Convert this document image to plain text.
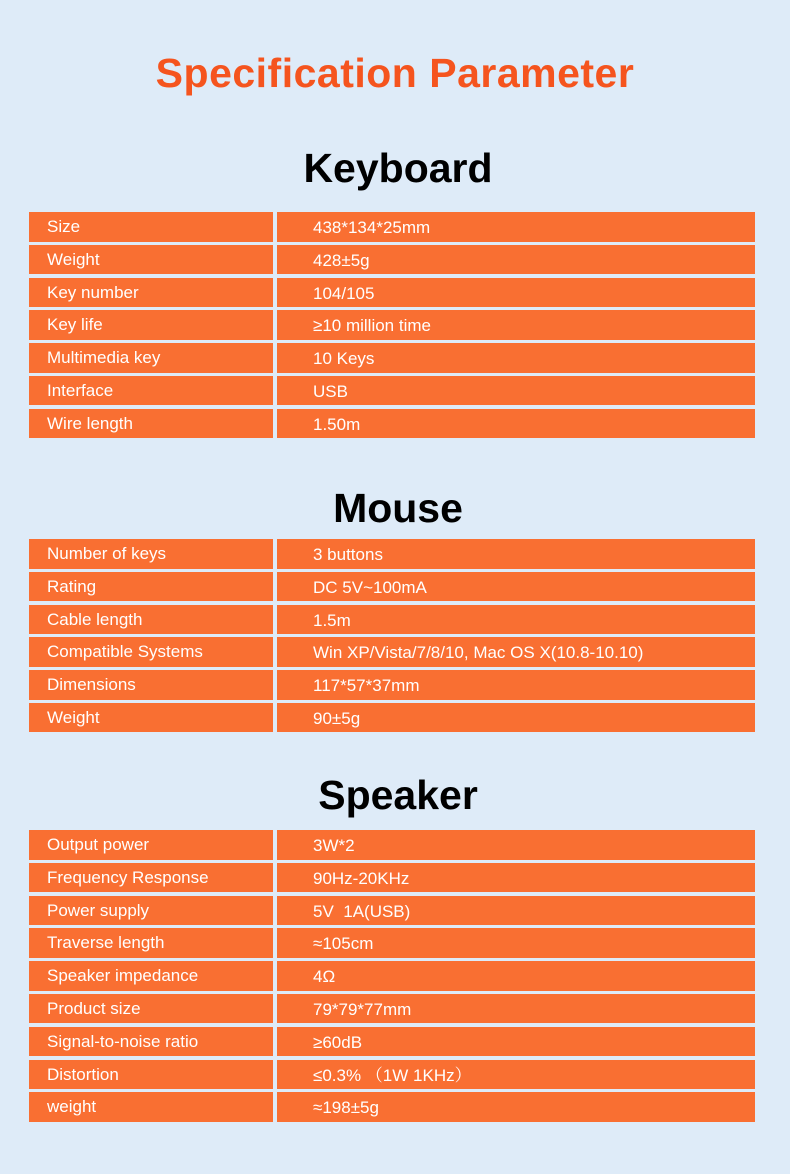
Specification Parameter
Keyboard
Size	438*134*25mm
Weight	428±5g
Key number	104/105
Key life	≥10 million time
Multimedia key	10 Keys
Interface	USB
Wire length	1.50m
Mouse
Number of keys	3 buttons
Rating	DC 5V~100mA
Cable length	1.5m
Compatible Systems	Win XP/Vista/7/8/10, Mac OS X(10.8-10.10)
Dimensions	117*57*37mm
Weight	90±5g
Speaker
Output power	3W*2
Frequency Response	90Hz-20KHz
Power supply	5V  1A(USB)
Traverse length	≈105cm
Speaker impedance	4Ω
Product size	79*79*77mm
Signal-to-noise ratio	≥60dB
Distortion	≤0.3% （1W 1KHz）
weight	≈198±5g
